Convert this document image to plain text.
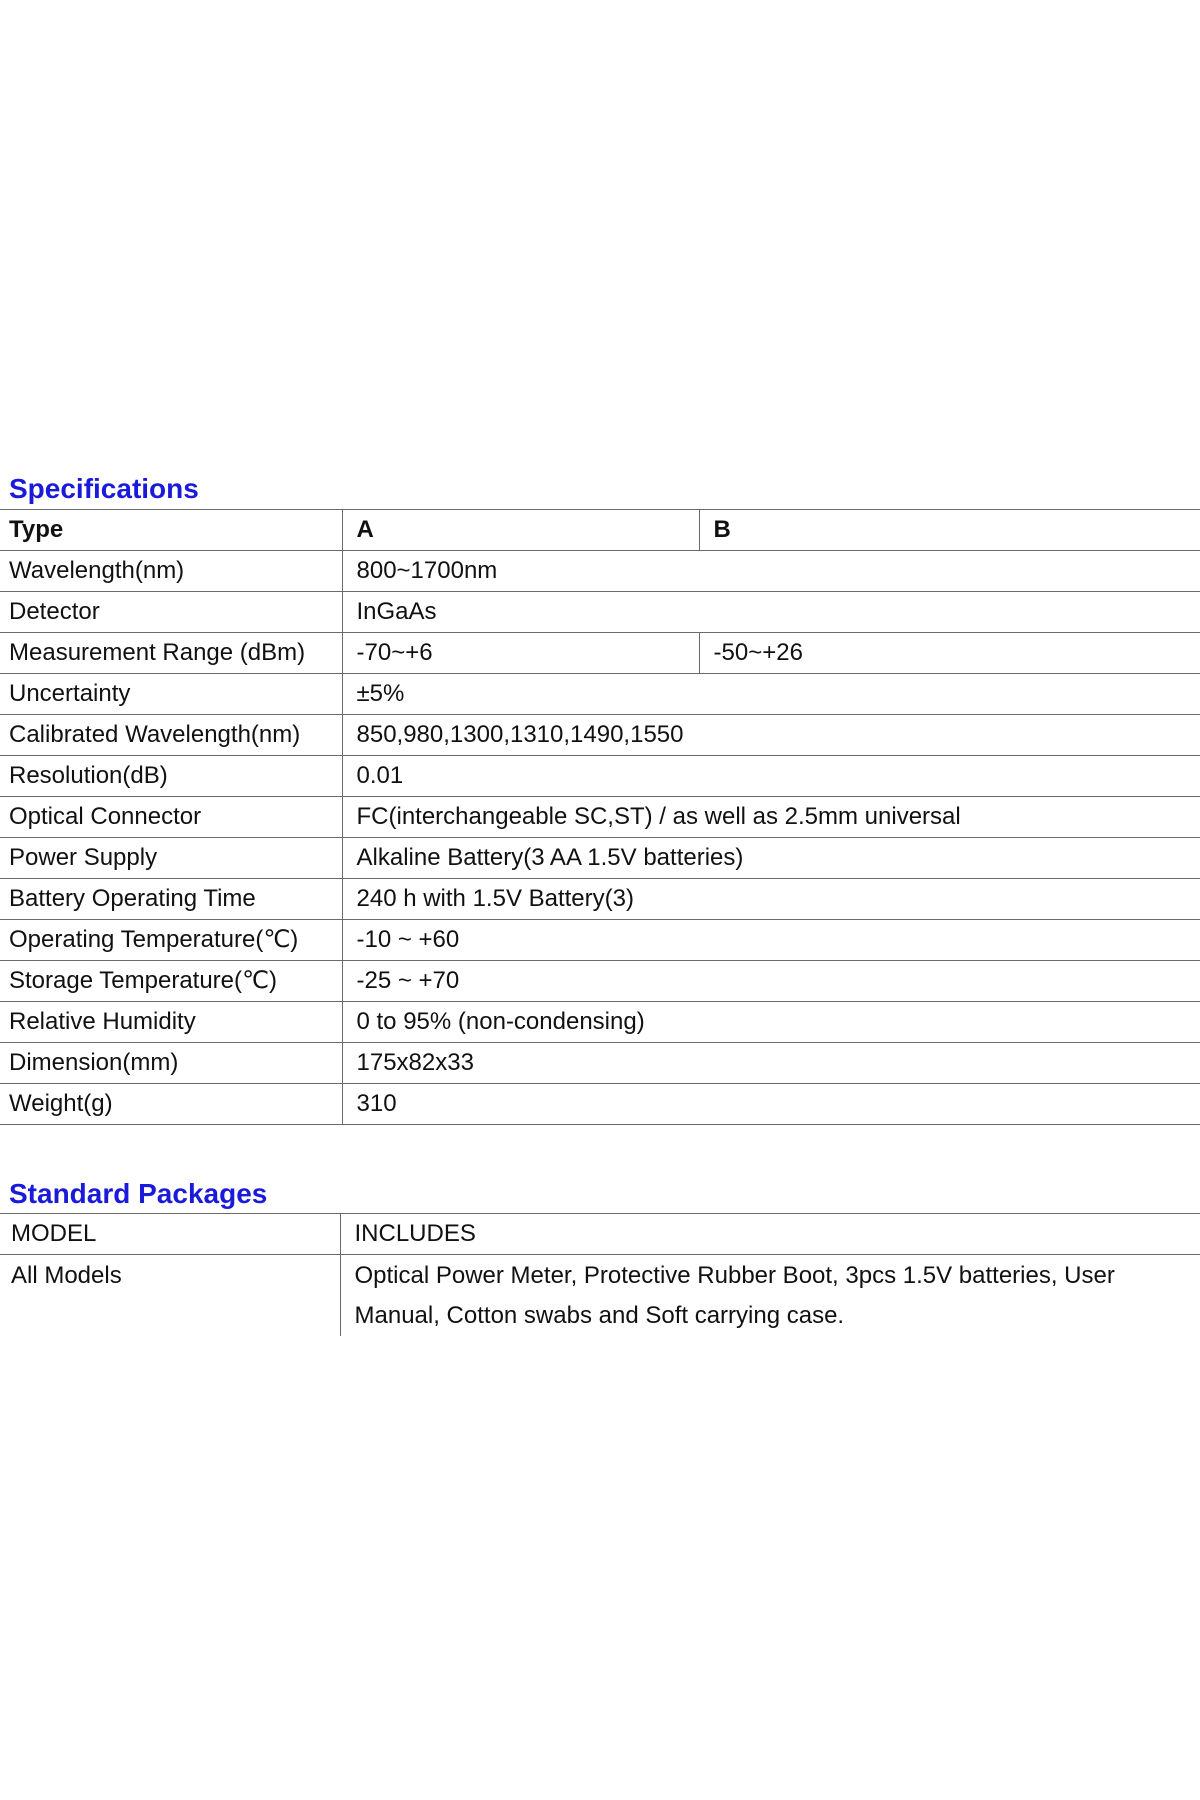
Specifications
Type	A	B
Wavelength(nm)	800~1700nm	
Detector	InGaAs	
Measurement Range (dBm)	-70~+6	-50~+26
Uncertainty	±5%	
Calibrated Wavelength(nm)	850,980,1300,1310,1490,1550	
Resolution(dB)	0.01	
Optical Connector	FC(interchangeable SC,ST) / as well as 2.5mm universal	
Power Supply	Alkaline Battery(3 AA 1.5V batteries)	
Battery Operating Time	240 h with 1.5V Battery(3)	
Operating Temperature(℃)	-10 ~ +60	
Storage Temperature(℃)	-25 ~ +70	
Relative Humidity	0 to 95% (non-condensing)	
Dimension(mm)	175x82x33	
Weight(g)	310	
Standard Packages
MODEL	INCLUDES
All Models	Optical Power Meter, Protective Rubber Boot, 3pcs 1.5V batteries, User Manual, Cotton swabs and Soft carrying case.
